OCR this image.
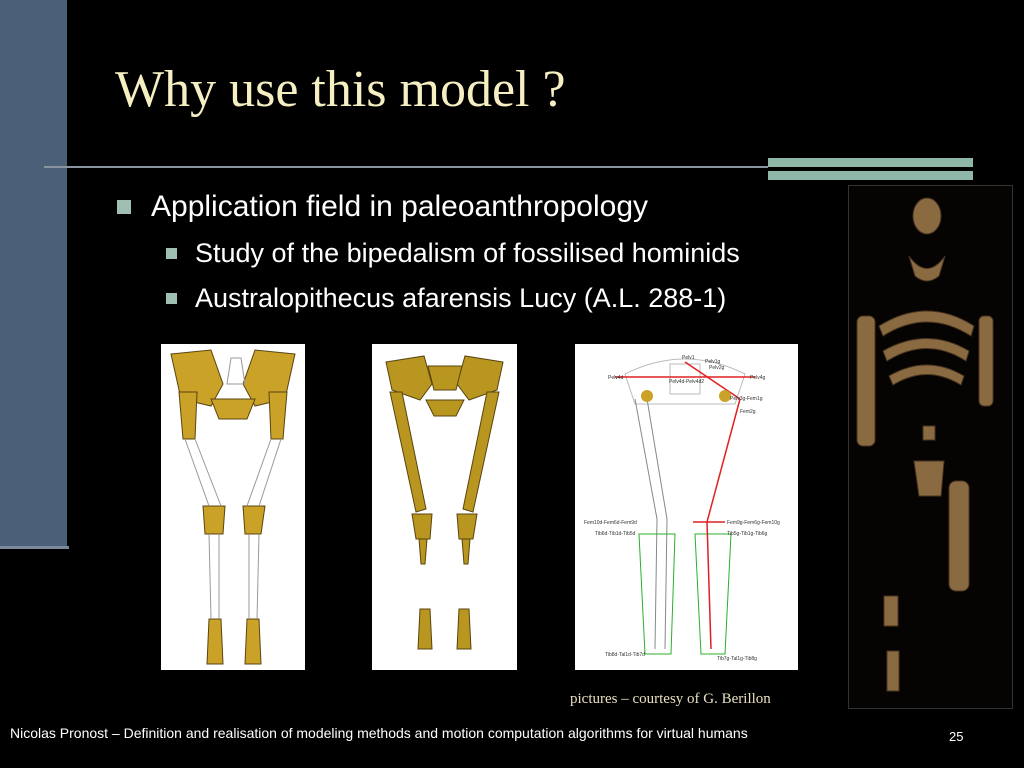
Why use this model ?
Application field in paleoanthropology
Study of the bipedalism of fossilised hominids
Australopithecus afarensis Lucy (A.L. 288-1)
Pelv1
Pelv1g
Pelv2g
Pelv4d	Pelv4g
Pelv4d-Pelv4d2
Pelv3g-Fem1g
Fem2g
Fem10d-Fem6d-Fem9d
Tib6d-Tib1d-Tib5d
Fem9g-Fem6g-Fem10g
Tib5g-Tib1g-Tib6g
Tib8d-Tal1d-Tib7d
Tib7g-Tal1g-Tib8g
pictures – courtesy of G. Berillon
Nicolas Pronost – Definition and realisation of modeling methods and motion computation algorithms for virtual humans	25
